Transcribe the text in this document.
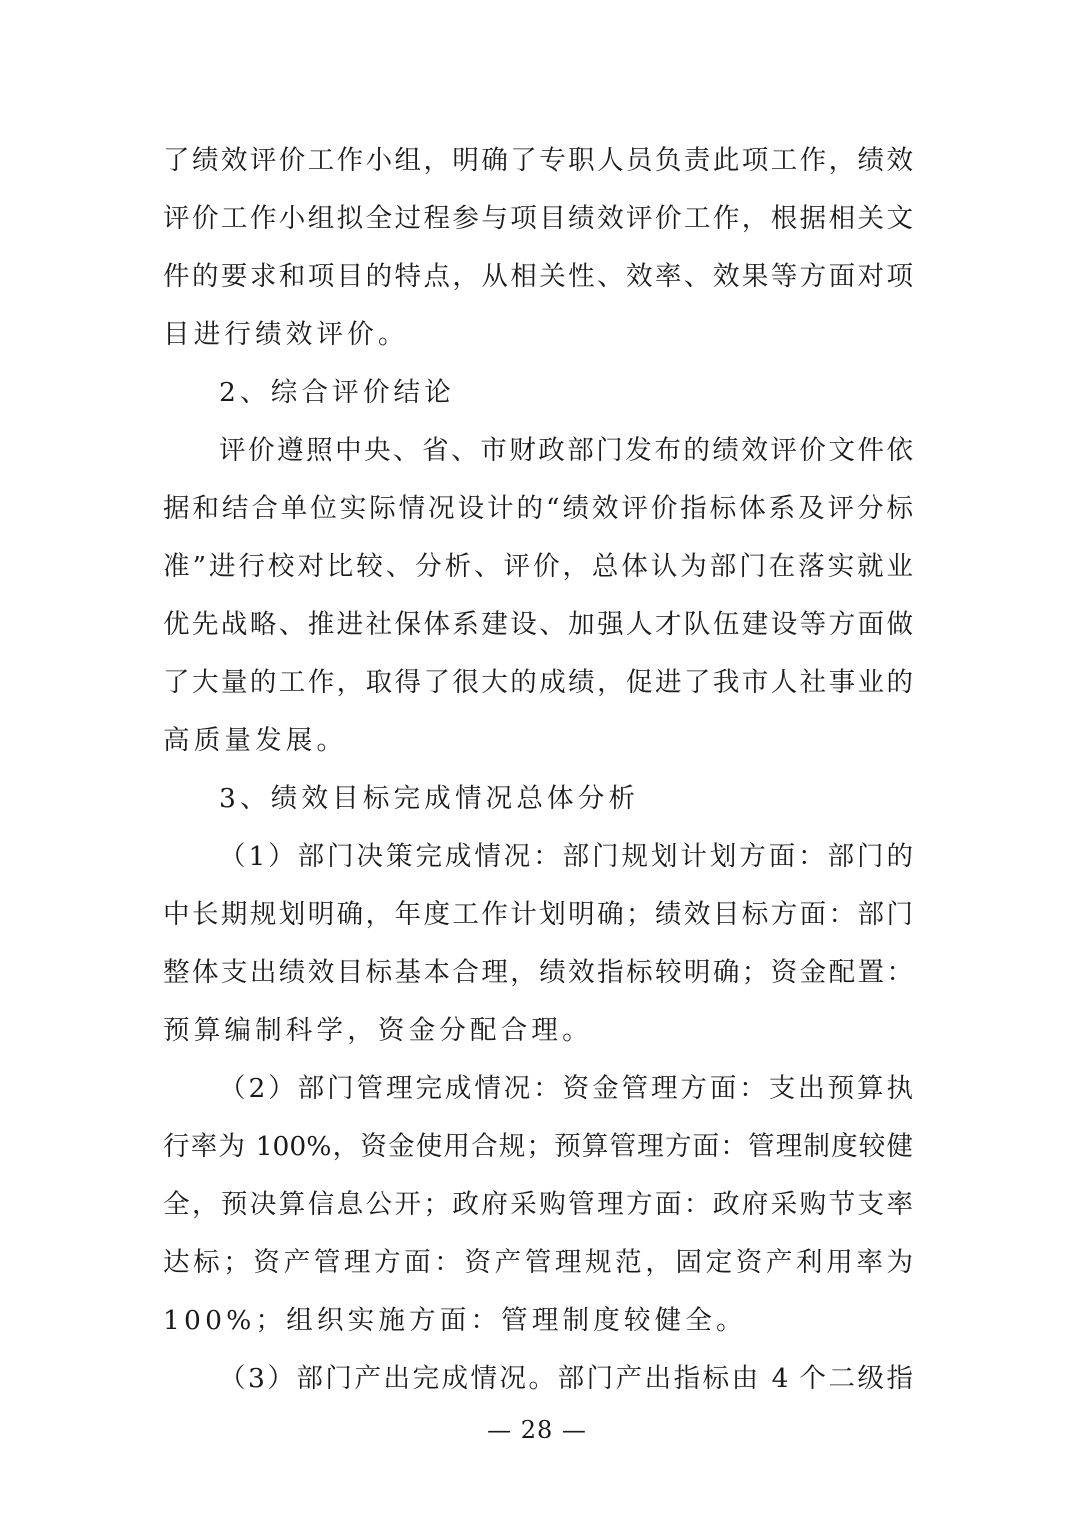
了绩效评价工作小组，明确了专职人员负责此项工作，绩效
评价工作小组拟全过程参与项目绩效评价工作，根据相关文
件的要求和项目的特点，从相关性、效率、效果等方面对项
目进行绩效评价。
2、综合评价结论
评价遵照中央、省、市财政部门发布的绩效评价文件依
据和结合单位实际情况设计的“绩效评价指标体系及评分标
准”进行校对比较、分析、评价，总体认为部门在落实就业
优先战略、推进社保体系建设、加强人才队伍建设等方面做
了大量的工作，取得了很大的成绩，促进了我市人社事业的
高质量发展。
3、绩效目标完成情况总体分析
（1）部门决策完成情况：部门规划计划方面：部门的
中长期规划明确，年度工作计划明确；绩效目标方面：部门
整体支出绩效目标基本合理，绩效指标较明确；资金配置：
预算编制科学，资金分配合理。
（2）部门管理完成情况：资金管理方面：支出预算执
行率为 100%，资金使用合规；预算管理方面：管理制度较健
全，预决算信息公开；政府采购管理方面：政府采购节支率
达标；资产管理方面：资产管理规范，固定资产利用率为
100%；组织实施方面：管理制度较健全。
（3）部门产出完成情况。部门产出指标由 4 个二级指
— 28 —
